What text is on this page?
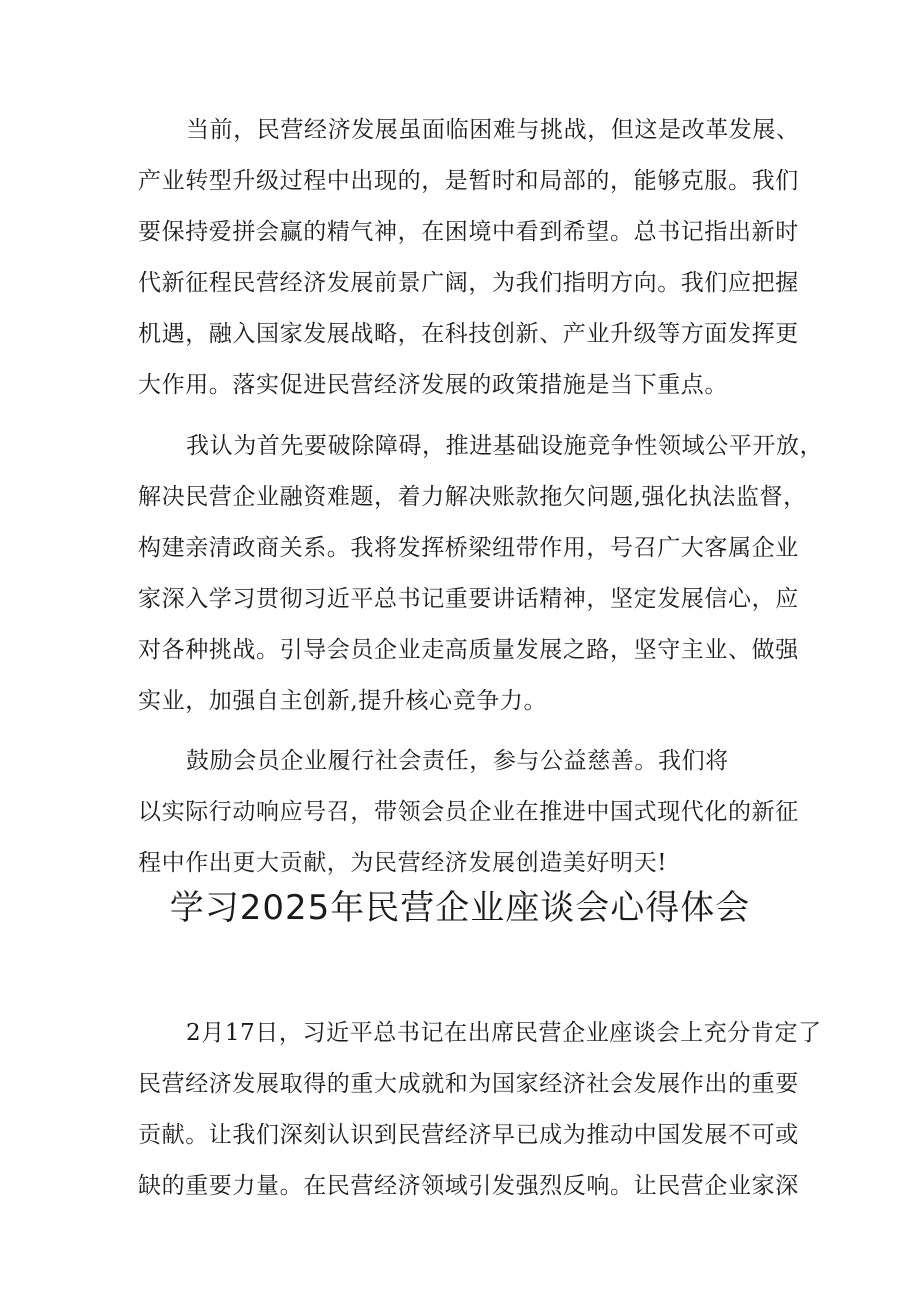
当前，民营经济发展虽面临困难与挑战，但这是改革发展、
产业转型升级过程中出现的，是暂时和局部的，能够克服。我们
要保持爱拼会赢的精气神，在困境中看到希望。总书记指出新时
代新征程民营经济发展前景广阔，为我们指明方向。我们应把握
机遇，融入国家发展战略，在科技创新、产业升级等方面发挥更
大作用。落实促进民营经济发展的政策措施是当下重点。
我认为首先要破除障碍，推进基础设施竞争性领域公平开放，
解决民营企业融资难题，着力解决账款拖欠问题,强化执法监督，
构建亲清政商关系。我将发挥桥梁纽带作用，号召广大客属企业
家深入学习贯彻习近平总书记重要讲话精神，坚定发展信心，应
对各种挑战。引导会员企业走高质量发展之路，坚守主业、做强
实业，加强自主创新,提升核心竞争力。
鼓励会员企业履行社会责任，参与公益慈善。我们将
以实际行动响应号召，带领会员企业在推进中国式现代化的新征
程中作出更大贡献，为民营经济发展创造美好明天!
学习2025年民营企业座谈会心得体会
2月17日，习近平总书记在出席民营企业座谈会上充分肯定了
民营经济发展取得的重大成就和为国家经济社会发展作出的重要
贡献。让我们深刻认识到民营经济早已成为推动中国发展不可或
缺的重要力量。在民营经济领域引发强烈反响。让民营企业家深
